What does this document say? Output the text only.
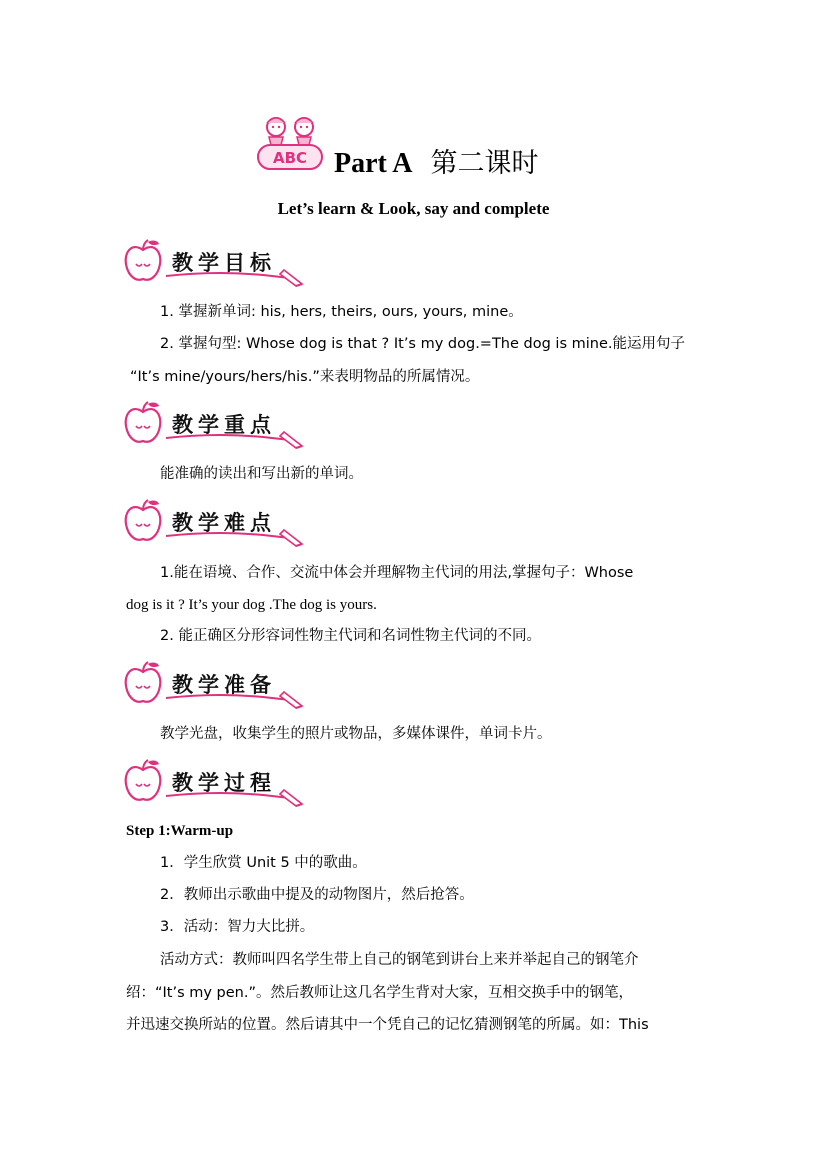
ABC Part A 第二课时
Let’s learn & Look, say and complete
教学目标
1. 掌握新单词: his, hers, theirs, ours, yours, mine。
2. 掌握句型: Whose dog is that ? It’s my dog.=The dog is mine.能运用句子
“It’s mine/yours/hers/his.”来表明物品的所属情况。
教学重点
能准确的读出和写出新的单词。
教学难点
1.能在语境、合作、交流中体会并理解物主代词的用法,掌握句子：Whose
dog is it ? It’s your dog .The dog is yours.
2. 能正确区分形容词性物主代词和名词性物主代词的不同。
教学准备
教学光盘，收集学生的照片或物品，多媒体课件，单词卡片。
教学过程
Step 1:Warm-up
1．学生欣赏 Unit 5 中的歌曲。
2．教师出示歌曲中提及的动物图片，然后抢答。
3．活动：智力大比拼。
活动方式：教师叫四名学生带上自己的钢笔到讲台上来并举起自己的钢笔介
绍：“It’s my pen.”。然后教师让这几名学生背对大家，互相交换手中的钢笔，
并迅速交换所站的位置。然后请其中一个凭自己的记忆猜测钢笔的所属。如：This
